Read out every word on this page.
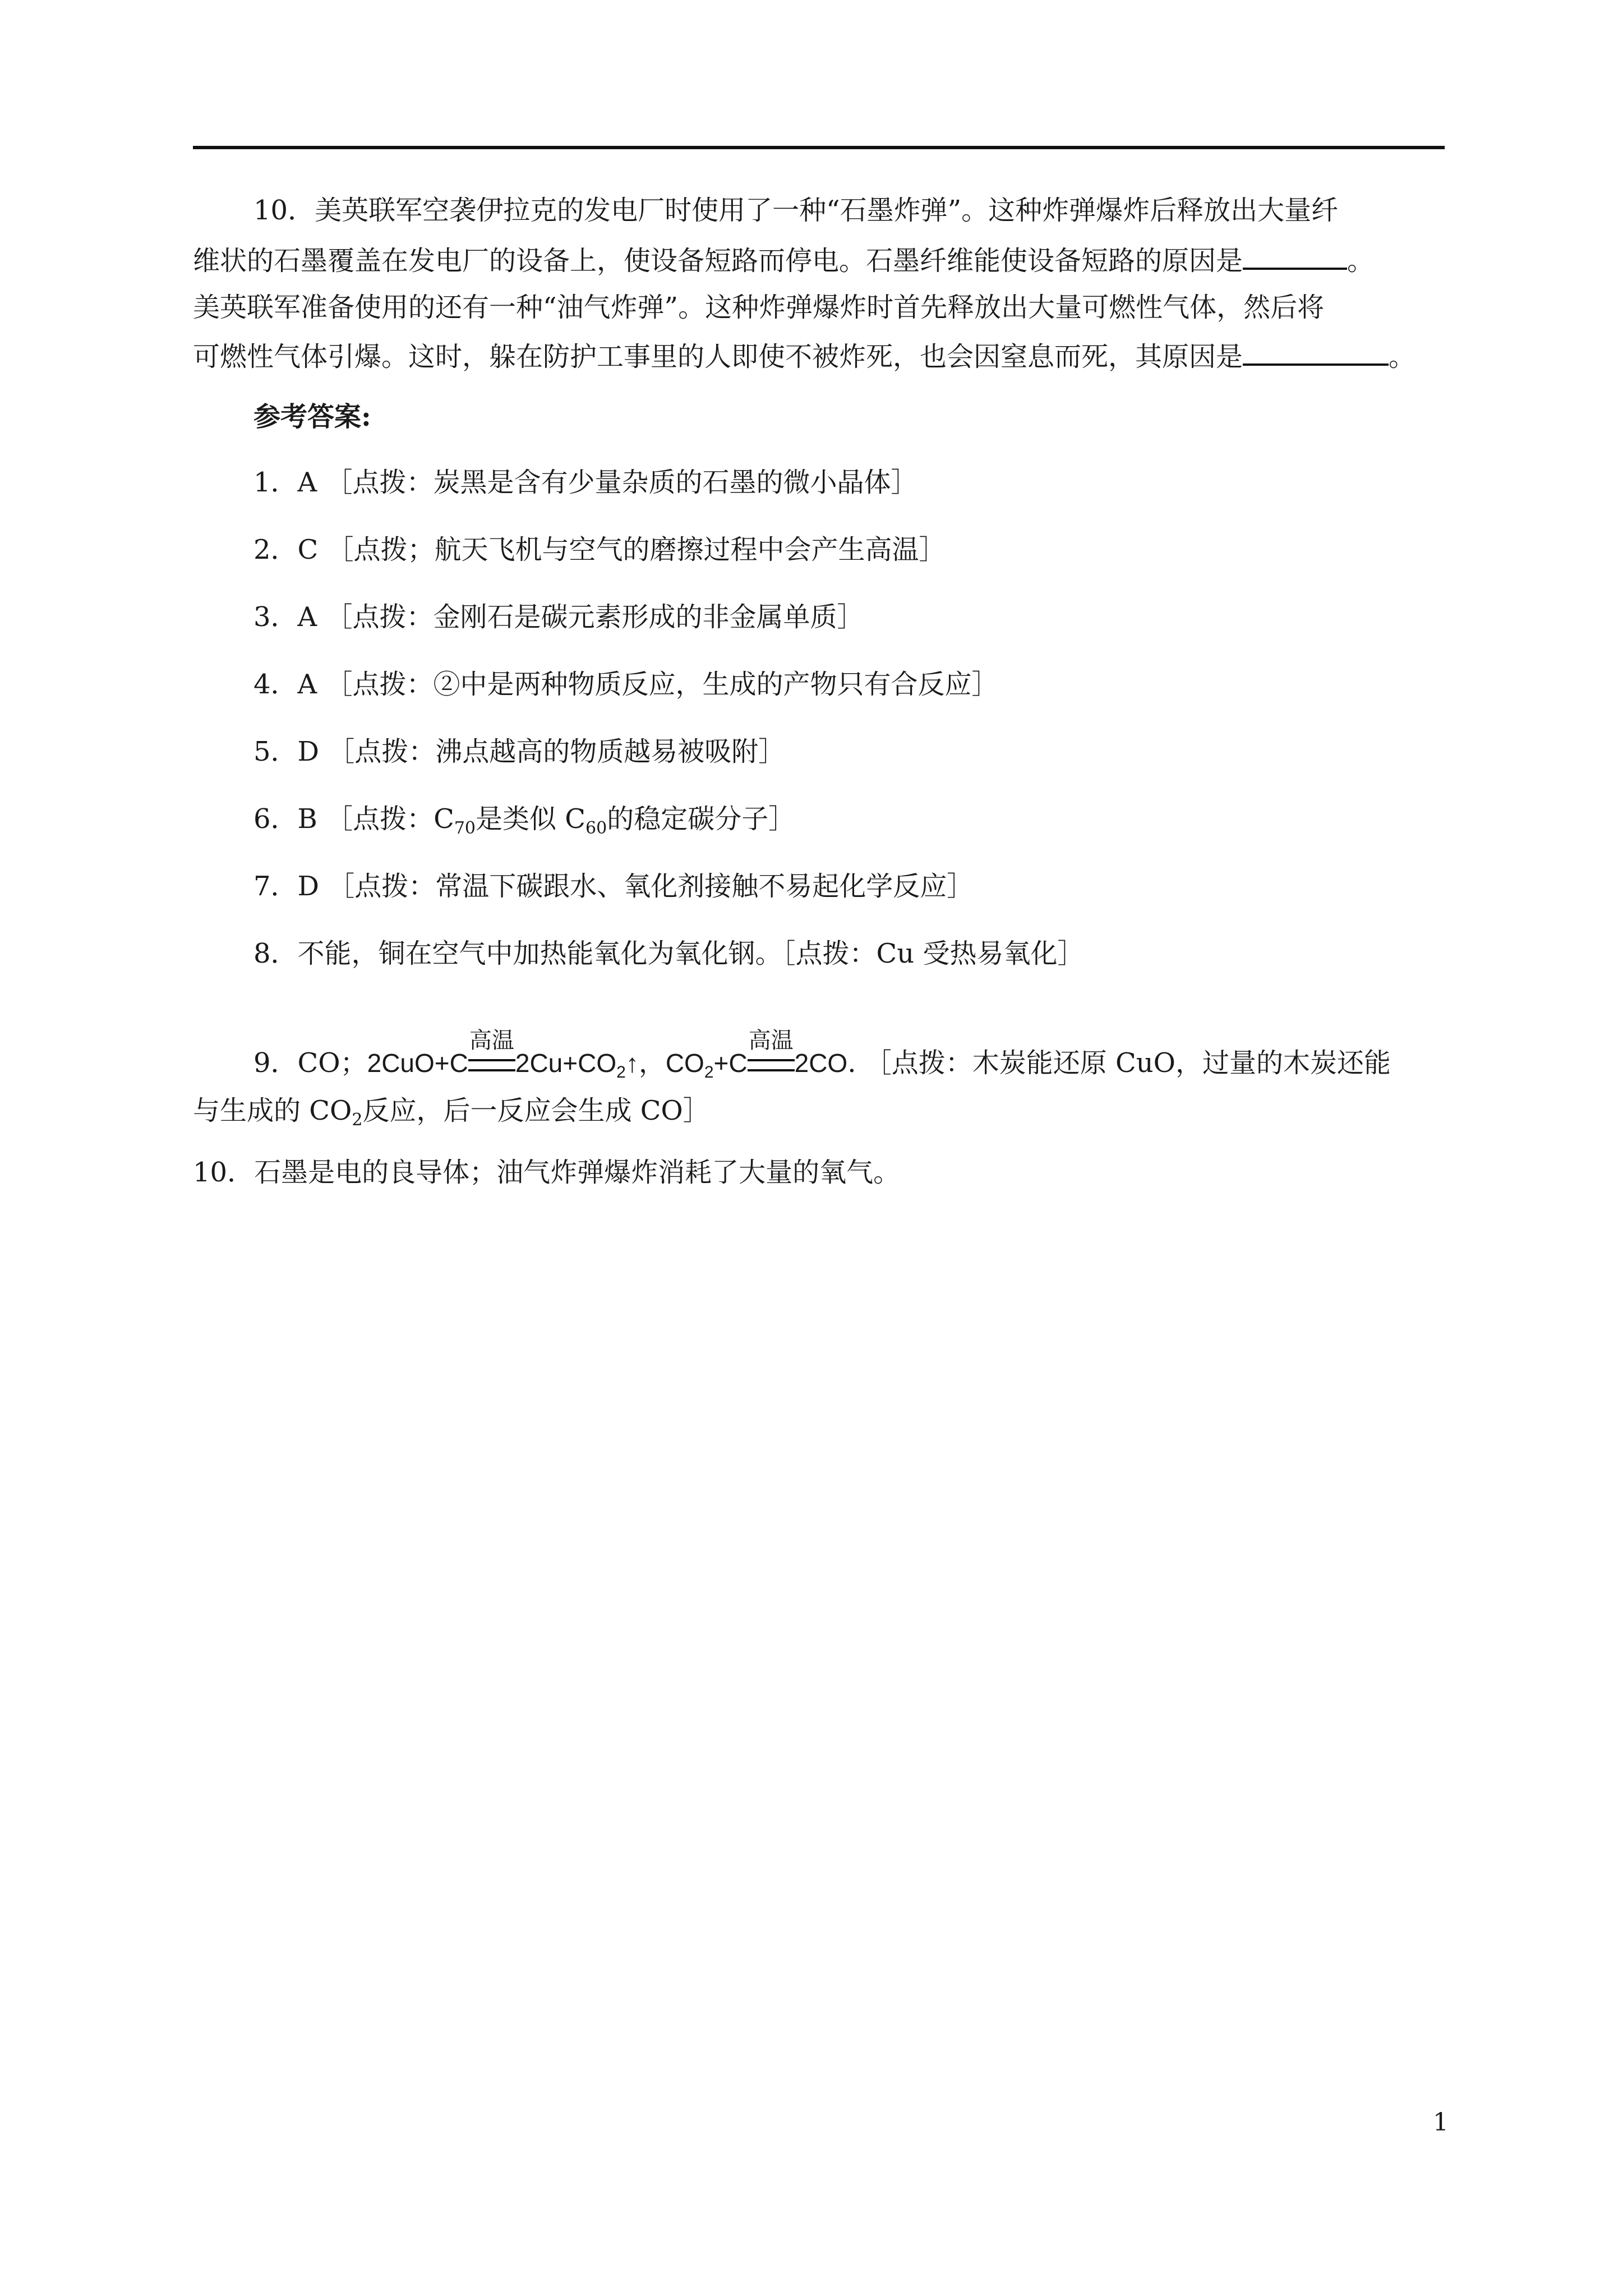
10．美英联军空袭伊拉克的发电厂时使用了一种“石墨炸弹”。这种炸弹爆炸后释放出大量纤
维状的石墨覆盖在发电厂的设备上，使设备短路而停电。石墨纤维能使设备短路的原因是	。
美英联军准备使用的还有一种“油气炸弹”。这种炸弹爆炸时首先释放出大量可燃性气体，然后将
可燃性气体引爆。这时，躲在防护工事里的人即使不被炸死，也会因窒息而死，其原因是	。
参考答案:
1．A ［点拨：炭黑是含有少量杂质的石墨的微小晶体］
2．C ［点拨；航天飞机与空气的磨擦过程中会产生高温］
3．A ［点拨：金刚石是碳元素形成的非金属单质］
4．A ［点拨：②中是两种物质反应，生成的产物只有合反应］
5．D ［点拨：沸点越高的物质越易被吸附］
6．B ［点拨：$C_{70}$是类似 $C_{60}$的稳定碳分子］
7．D ［点拨：常温下碳跟水、氧化剂接触不易起化学反应］
8．不能，铜在空气中加热能氧化为氧化钢。［点拨：Cu 受热易氧化］
9．CO；2CuO+C
高温
$2Cu+CO_2↑$，$CO_2+C$
高温
2CO. ［点拨：木炭能还原 CuO，过量的木炭还能
与生成的 $CO_2$反应，后一反应会生成 CO］
10．石墨是电的良导体；油气炸弹爆炸消耗了大量的氧气。
1
